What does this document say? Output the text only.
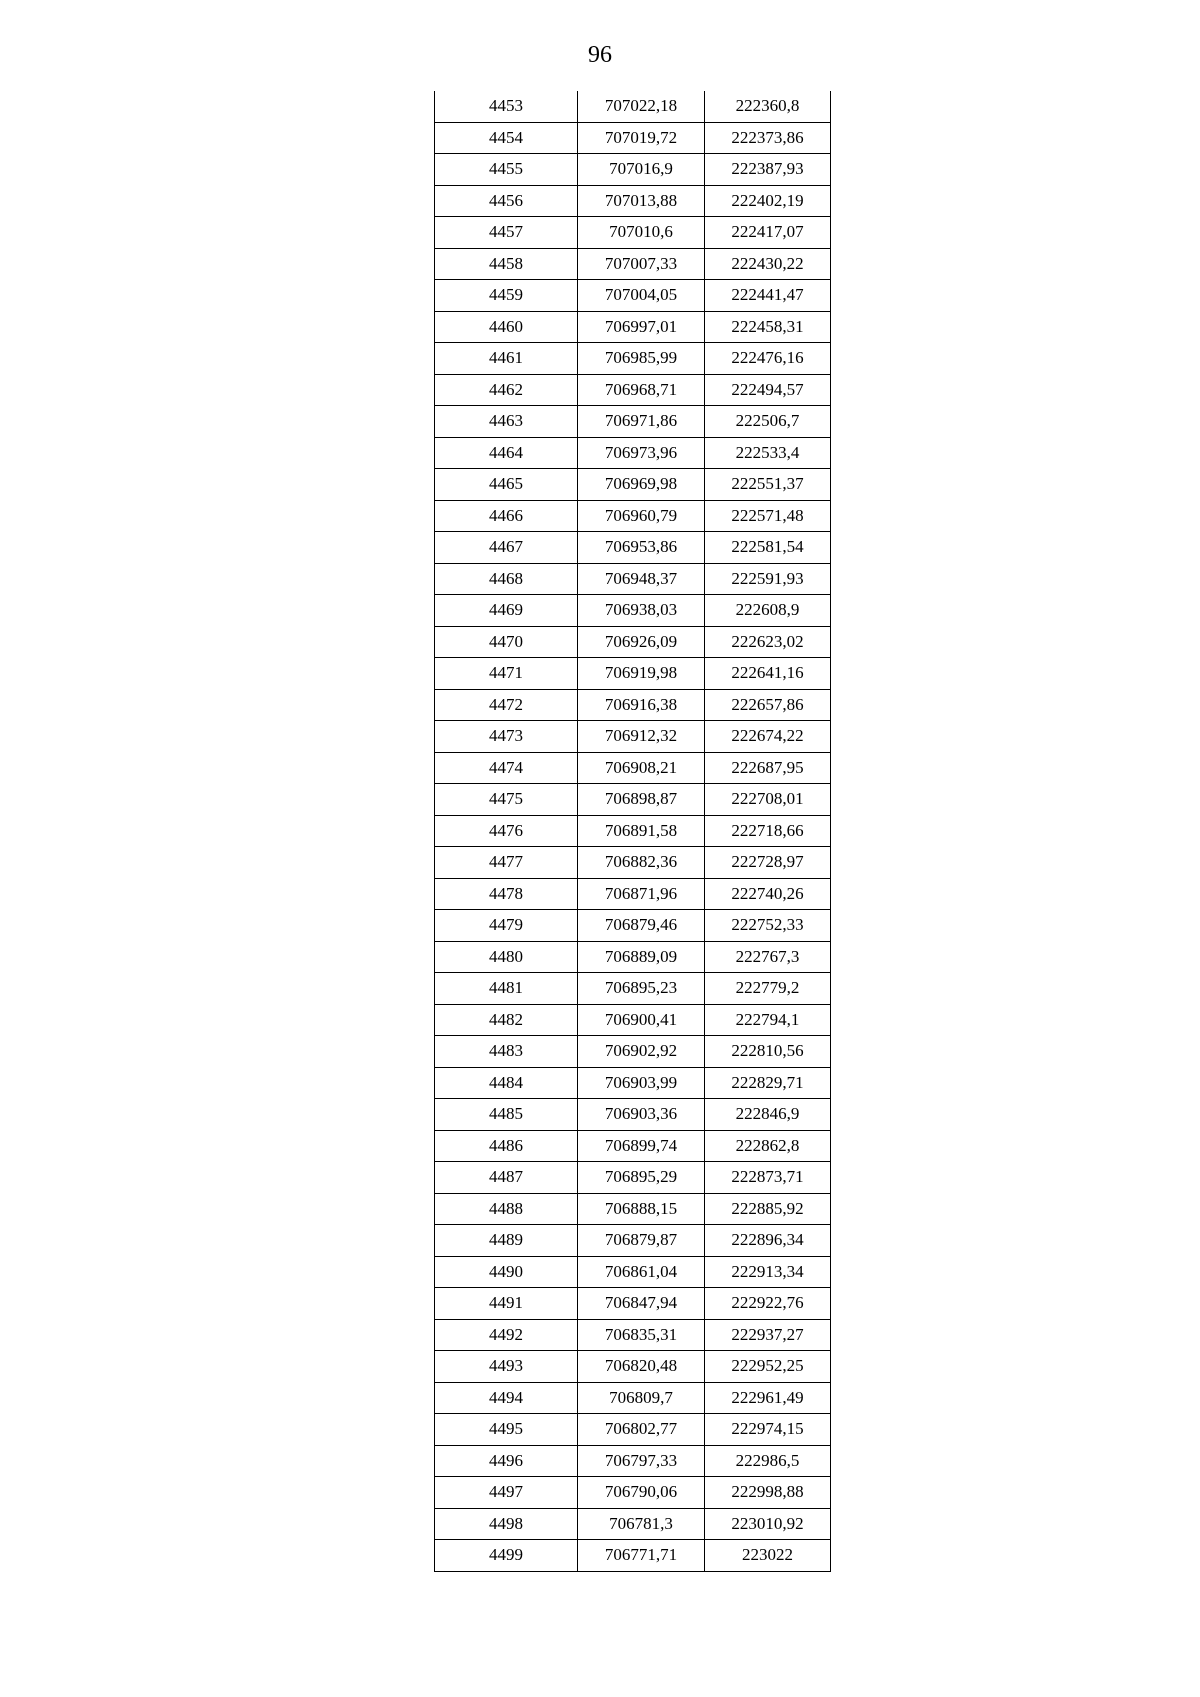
96
4453	707022,18	222360,8
4454	707019,72	222373,86
4455	707016,9	222387,93
4456	707013,88	222402,19
4457	707010,6	222417,07
4458	707007,33	222430,22
4459	707004,05	222441,47
4460	706997,01	222458,31
4461	706985,99	222476,16
4462	706968,71	222494,57
4463	706971,86	222506,7
4464	706973,96	222533,4
4465	706969,98	222551,37
4466	706960,79	222571,48
4467	706953,86	222581,54
4468	706948,37	222591,93
4469	706938,03	222608,9
4470	706926,09	222623,02
4471	706919,98	222641,16
4472	706916,38	222657,86
4473	706912,32	222674,22
4474	706908,21	222687,95
4475	706898,87	222708,01
4476	706891,58	222718,66
4477	706882,36	222728,97
4478	706871,96	222740,26
4479	706879,46	222752,33
4480	706889,09	222767,3
4481	706895,23	222779,2
4482	706900,41	222794,1
4483	706902,92	222810,56
4484	706903,99	222829,71
4485	706903,36	222846,9
4486	706899,74	222862,8
4487	706895,29	222873,71
4488	706888,15	222885,92
4489	706879,87	222896,34
4490	706861,04	222913,34
4491	706847,94	222922,76
4492	706835,31	222937,27
4493	706820,48	222952,25
4494	706809,7	222961,49
4495	706802,77	222974,15
4496	706797,33	222986,5
4497	706790,06	222998,88
4498	706781,3	223010,92
4499	706771,71	223022
